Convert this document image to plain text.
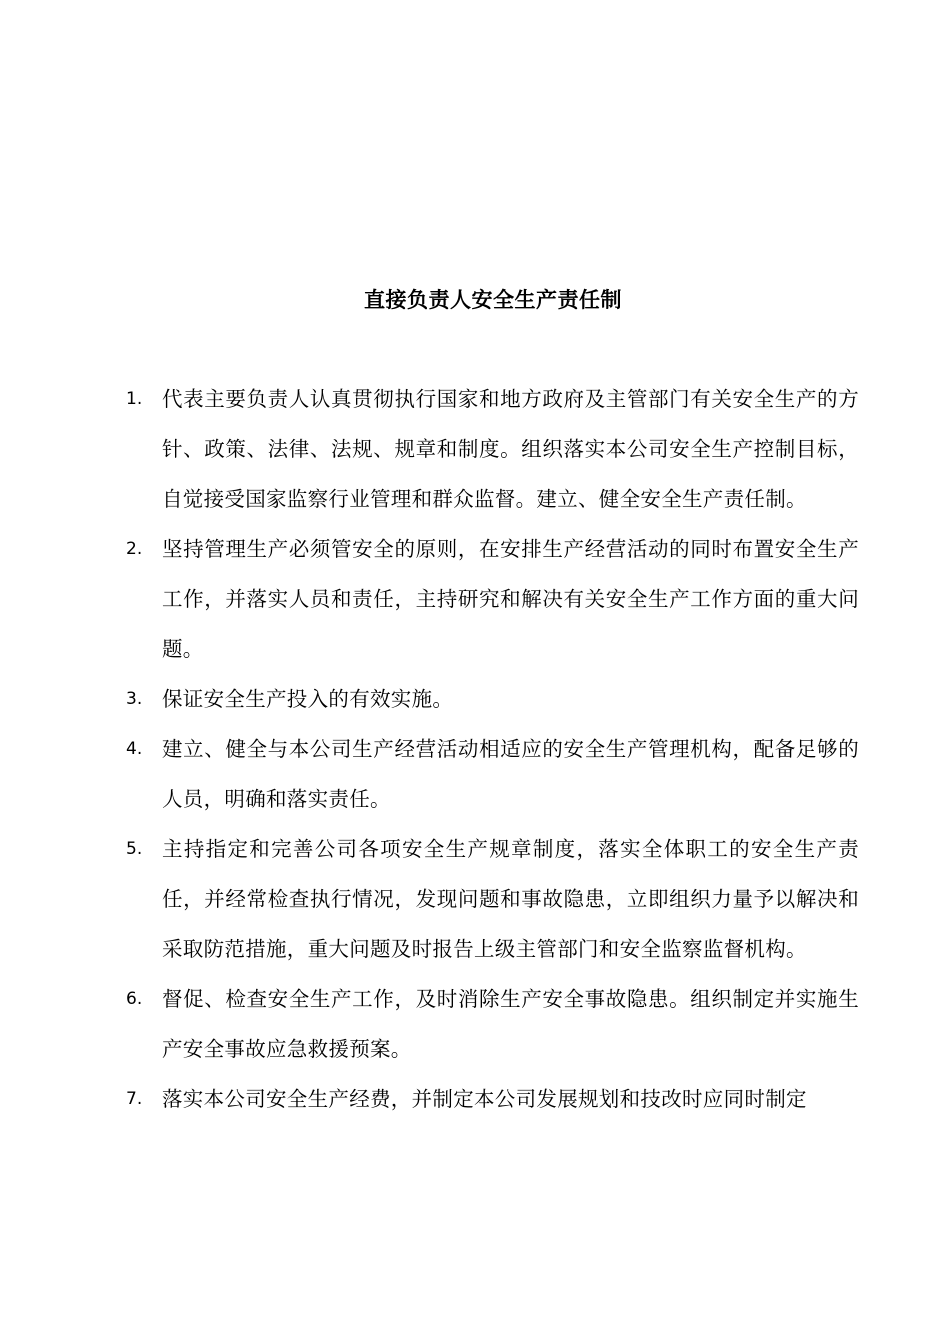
直接负责人安全生产责任制
1. 代表主要负责人认真贯彻执行国家和地方政府及主管部门有关安全生产的方针、政策、法律、法规、规章和制度。组织落实本公司安全生产控制目标，自觉接受国家监察行业管理和群众监督。建立、健全安全生产责任制。
2. 坚持管理生产必须管安全的原则，在安排生产经营活动的同时布置安全生产工作，并落实人员和责任，主持研究和解决有关安全生产工作方面的重大问题。
3. 保证安全生产投入的有效实施。
4. 建立、健全与本公司生产经营活动相适应的安全生产管理机构，配备足够的人员，明确和落实责任。
5. 主持指定和完善公司各项安全生产规章制度，落实全体职工的安全生产责任，并经常检查执行情况，发现问题和事故隐患，立即组织力量予以解决和采取防范措施，重大问题及时报告上级主管部门和安全监察监督机构。
6. 督促、检查安全生产工作，及时消除生产安全事故隐患。组织制定并实施生产安全事故应急救援预案。
7. 落实本公司安全生产经费，并制定本公司发展规划和技改时应同时制定
